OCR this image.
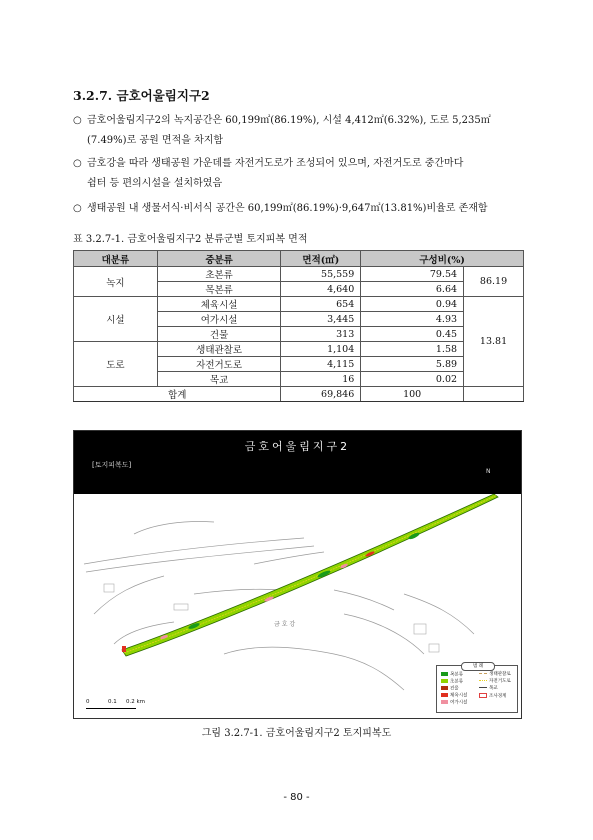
3.2.7. 금호어울림지구2
○ 금호어울림지구2의 녹지공간은 60,199㎡(86.19%), 시설 4,412㎡(6.32%), 도로 5,235㎡
(7.49%)로 공원 면적을 차지함
○ 금호강을 따라 생태공원 가운데를 자전거도로가 조성되어 있으며, 자전거도로 중간마다
쉼터 등 편의시설을 설치하였음
○ 생태공원 내 생물서식·비서식 공간은 60,199㎡(86.19%)·9,647㎡(13.81%)비율로 존재함
표 3.2.7-1. 금호어울림지구2 분류군별 토지피복 면적
대분류	중분류	면적(㎡)	구성비(%)	
녹지	초본류	55,559	79.54	86.19
	목본류	4,640	6.64	
시설	체육시설	654	0.94	13.81
	여가시설	3,445	4.93	
	건물	313	0.45	
도로	생태관찰로	1,104	1.58	
	자전거도로	4,115	5.89	
	목교	16	0.02	
합계		69,846	100	
금호어울림지구2
[토지피복도]
N
금 호 강
범 례
목본류
초본류
건물
체육시설
여가시설
생태관찰로
자전거도로
목교
조사경계
0	0.1 0.2 km
그림 3.2.7-1. 금호어울림지구2 토지피복도
- 80 -
